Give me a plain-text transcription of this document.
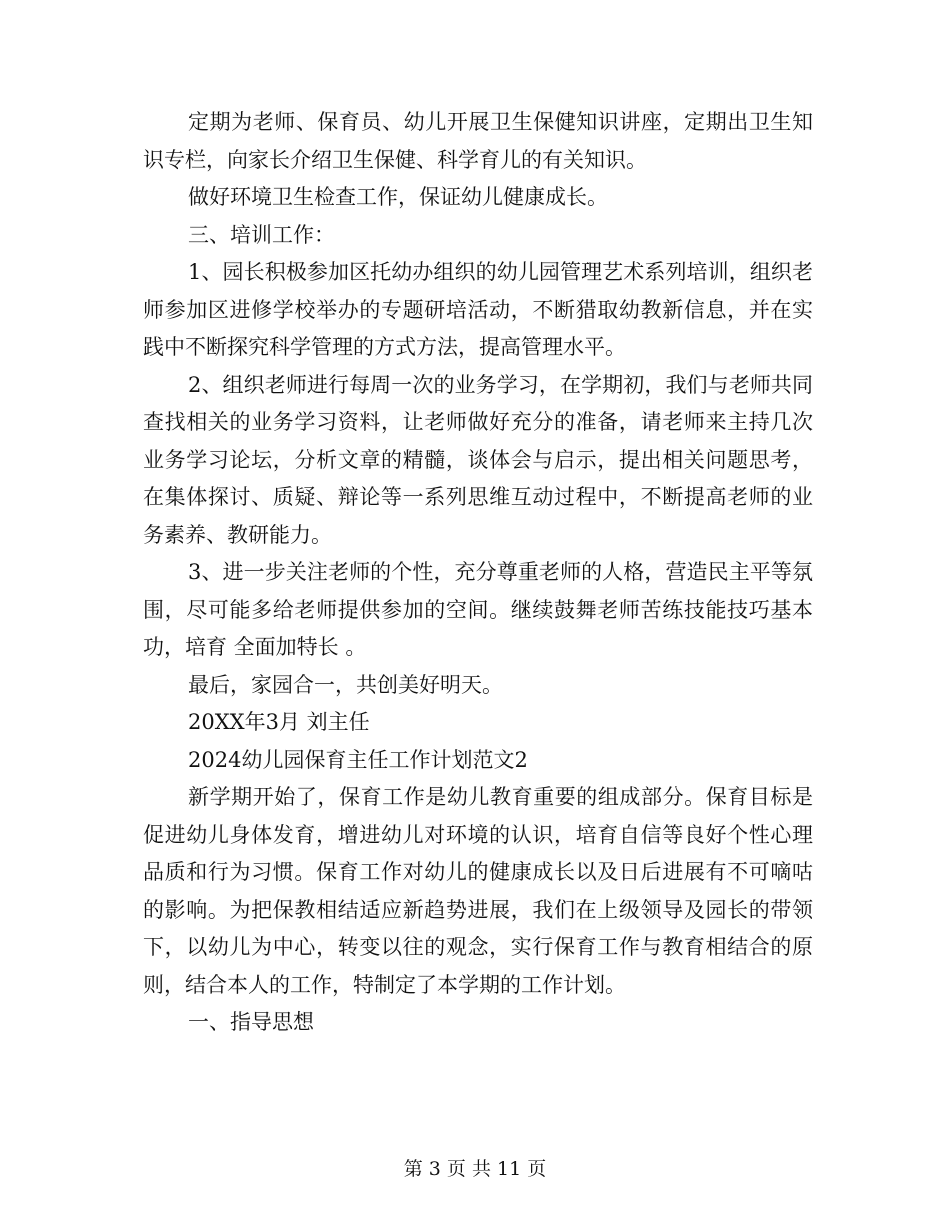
定期为老师、保育员、幼儿开展卫生保健知识讲座，定期出卫生知识专栏，向家长介绍卫生保健、科学育儿的有关知识。

做好环境卫生检查工作，保证幼儿健康成长。

三、培训工作：

1、园长积极参加区托幼办组织的幼儿园管理艺术系列培训，组织老师参加区进修学校举办的专题研培活动，不断猎取幼教新信息，并在实践中不断探究科学管理的方式方法，提高管理水平。

2、组织老师进行每周一次的业务学习，在学期初，我们与老师共同查找相关的业务学习资料，让老师做好充分的准备，请老师来主持几次业务学习论坛，分析文章的精髓，谈体会与启示，提出相关问题思考，在集体探讨、质疑、辩论等一系列思维互动过程中，不断提高老师的业务素养、教研能力。

3、进一步关注老师的个性，充分尊重老师的人格，营造民主平等氛围，尽可能多给老师提供参加的空间。继续鼓舞老师苦练技能技巧基本功，培育 全面加特长 。

最后，家园合一，共创美好明天。

20XX年3月 刘主任

2024幼儿园保育主任工作计划范文2

新学期开始了，保育工作是幼儿教育重要的组成部分。保育目标是促进幼儿身体发育，增进幼儿对环境的认识，培育自信等良好个性心理品质和行为习惯。保育工作对幼儿的健康成长以及日后进展有不可嘀咕的影响。为把保教相结适应新趋势进展，我们在上级领导及园长的带领下，以幼儿为中心，转变以往的观念，实行保育工作与教育相结合的原则，结合本人的工作，特制定了本学期的工作计划。

一、指导思想

第 3 页 共 11 页
